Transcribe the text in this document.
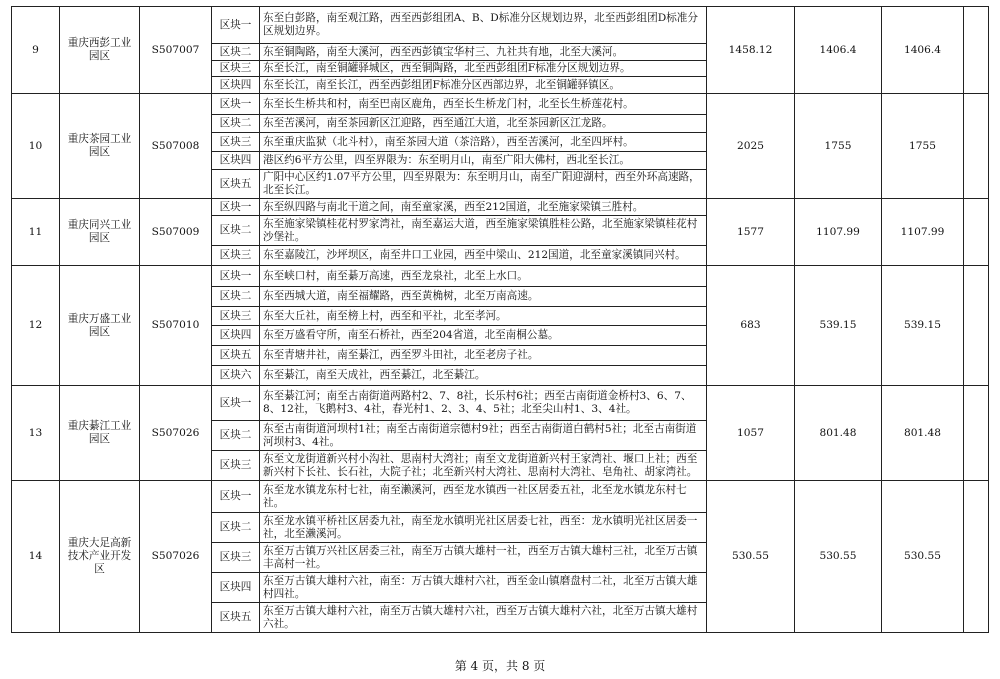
9	重庆西彭工业园区	S507007	区块一	东至白彭路，南至观江路，西至西彭组团A、B、D标准分区规划边界，北至西彭组团D标准分区规划边界。	1458.12	1406.4	1406.4	
			区块二	东至铜陶路，南至大溪河，西至西彭镇宝华村三、九社共有地，北至大溪河。				
			区块三	东至长江，南至铜罐驿城区，西至铜陶路，北至西彭组团F标准分区规划边界。				
			区块四	东至长江，南至长江，西至西彭组团F标准分区西部边界，北至铜罐驿镇区。				
10	重庆茶园工业园区	S507008	区块一	东至长生桥共和村，南至巴南区鹿角，西至长生桥龙门村，北至长生桥莲花村。	2025	1755	1755	
			区块二	东至苦溪河，南至茶园新区江迎路，西至通江大道，北至茶园新区江龙路。				
			区块三	东至重庆监狱（北斗村），南至茶园大道（茶涪路），西至苦溪河，北至四坪村。				
			区块四	港区约6平方公里，四至界限为：东至明月山，南至广阳大佛村，西北至长江。				
			区块五	广阳中心区约1.07平方公里，四至界限为：东至明月山，南至广阳迎湖村，西至外环高速路，北至长江。				
11	重庆同兴工业园区	S507009	区块一	东至纵四路与南北干道之间，南至童家溪，西至212国道，北至施家梁镇三胜村。	1577	1107.99	1107.99	
			区块二	东至施家梁镇桂花村罗家湾社，南至嘉运大道，西至施家梁镇胜桂公路，北至施家梁镇桂花村沙堡社。				
			区块三	东至嘉陵江，沙坪坝区，南至井口工业园，西至中梁山、212国道，北至童家溪镇同兴村。				
12	重庆万盛工业园区	S507010	区块一	东至峡口村，南至綦万高速，西至龙泉社，北至上水口。	683	539.15	539.15	
			区块二	东至西城大道，南至福耀路，西至黄桷树，北至万南高速。				
			区块三	东至大丘社，南至榜上村，西至和平社，北至孝河。				
			区块四	东至万盛看守所，南至石桥社，西至204省道，北至南桐公墓。				
			区块五	东至青塘井社，南至綦江，西至罗斗田社，北至老房子社。				
			区块六	东至綦江，南至天成社，西至綦江，北至綦江。				
13	重庆綦江工业园区	S507026	区块一	东至綦江河；南至古南街道两路村2、7、8社，长乐村6社；西至古南街道金桥村3、6、7、8、12社，飞鹅村3、4社，春光村1、2、3、4、5社；北至尖山村1、3、4社。	1057	801.48	801.48	
			区块二	东至古南街道河坝村1社；南至古南街道宗德村9社；西至古南街道白鹤村5社；北至古南街道河坝村3、4社。				
			区块三	东至文龙街道新兴村小沟社、思南村大湾社；南至文龙街道新兴村王家湾社、堰口上社；西至新兴村下长社、长石社，大院子社；北至新兴村大湾社、思南村大湾社、皂角社、胡家湾社。				
14	重庆大足高新技术产业开发区	S507026	区块一	东至龙水镇龙东村七社，南至濑溪河，西至龙水镇西一社区居委五社，北至龙水镇龙东村七社。	530.55	530.55	530.55	
			区块二	东至龙水镇平桥社区居委九社，南至龙水镇明光社区居委七社，西至：龙水镇明光社区居委一社，北至濑溪河。				
			区块三	东至万古镇万兴社区居委三社，南至万古镇大雄村一社，西至万古镇大雄村三社，北至万古镇丰高村一社。				
			区块四	东至万古镇大雄村六社，南至：万古镇大雄村六社，西至金山镇磨盘村二社，北至万古镇大雄村四社。				
			区块五	东至万古镇大雄村六社，南至万古镇大雄村六社，西至万古镇大雄村六社，北至万古镇大雄村六社。				
第 4 页，共 8 页
